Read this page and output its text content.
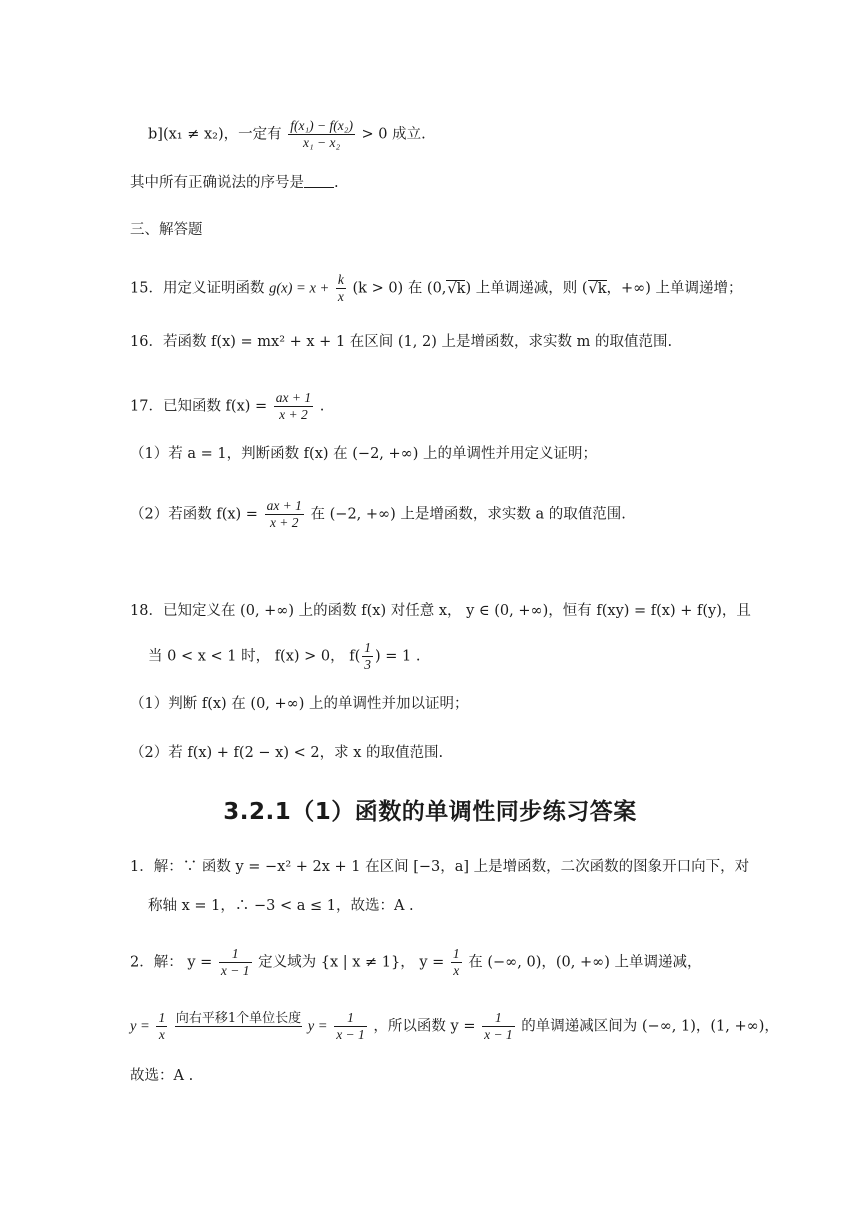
b](x₁ ≠ x₂)，一定有 $\frac{\text{f(x₁) − f(x₂)}}{\text{x₁ − x₂}} > 0$ 成立.
其中所有正确说法的序号是 .
三、解答题
15．用定义证明函数 $g(x) = x + \frac{k}{x} (k > 0)$ 在 (0,√k) 上单调递减，则 (√k，+∞) 上单调递增；
16．若函数 f(x) = mx² + x + 1 在区间 (1, 2) 上是增函数，求实数 m 的取值范围.
17．已知函数 $f(x) = \frac{ax + 1}{x + 2}$ .
（1）若 a = 1，判断函数 f(x) 在 (−2, +∞) 上的单调性并用定义证明；
（2）若函数 $f(x) = \frac{ax + 1}{x + 2}$ 在 (−2, +∞) 上是增函数，求实数 a 的取值范围.
18．已知定义在 (0, +∞) 上的函数 f(x) 对任意 x， y ∈ (0, +∞)，恒有 f(xy) = f(x) + f(y)，且
当 0 < x < 1 时， f(x) > 0， $f( \frac{1}{3}$ ) = 1 .
（1）判断 f(x) 在 (0, +∞) 上的单调性并加以证明；
（2）若 f(x) + f(2 − x) < 2，求 x 的取值范围.
3.2.1（1）函数的单调性同步练习答案
1．解：∵ 函数 y = −x² + 2x + 1 在区间 [−3，a] 上是增函数，二次函数的图象开口向下，对
称轴 x = 1，∴ −3 < a ≤ 1，故选：A .
2．解： $y = \frac{1}{x - 1}$ 定义域为 {x | x ≠ 1}， $y = \frac{1}{x}$ 在 (−∞, 0)，(0, +∞) 上单调递减，
$y = \frac{1}{x}$
向右平移1个单位长度 $y = \frac{1}{x - 1}$ ，所以函数 $y = \frac{1}{x - 1}$ 的单调递减区间为 (−∞, 1)，(1, +∞)，
故选：A .
